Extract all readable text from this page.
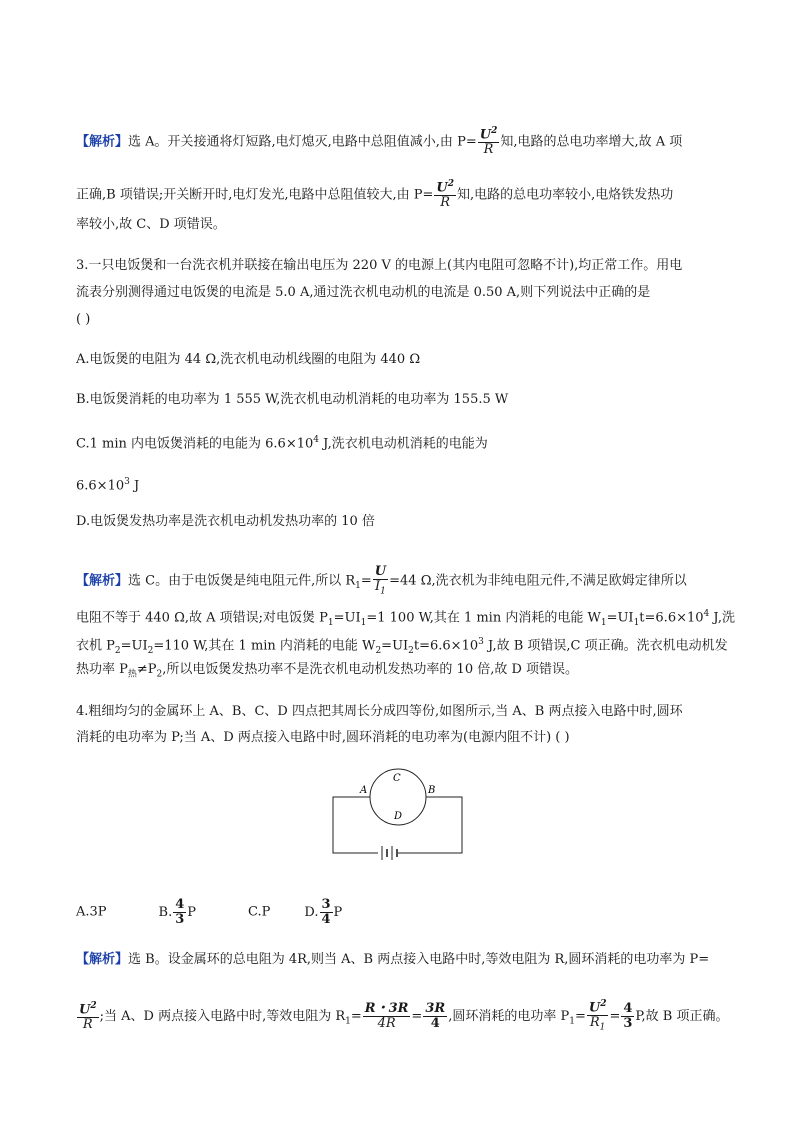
【解析】选 A。开关接通将灯短路,电灯熄灭,电路中总阻值减小,由 $P= \frac{U^2}{R}$ 知,电路的总电功率增大,故 A 项
正确,B 项错误;开关断开时,电灯发光,电路中总阻值较大,由 $P= \frac{U^2}{R}$ 知,电路的总电功率较小,电烙铁发热功
率较小,故 C、D 项错误。
3.一只电饭煲和一台洗衣机并联接在输出电压为 220 V 的电源上(其内电阻可忽略不计),均正常工作。用电
流表分别测得通过电饭煲的电流是 5.0 A,通过洗衣机电动机的电流是 0.50 A,则下列说法中正确的是
( )
A.电饭煲的电阻为 44 Ω,洗衣机电动机线圈的电阻为 440 Ω
B.电饭煲消耗的电功率为 1 555 W,洗衣机电动机消耗的电功率为 155.5 W
C.1 min 内电饭煲消耗的电能为 $6.6\times 10^4$ J,洗衣机电动机消耗的电能为
$6.6\times 10^3$ J
D.电饭煲发热功率是洗衣机电动机发热功率的 10 倍
【解析】选 C。由于电饭煲是纯电阻元件,所以 $R_1= \frac{U}{I_1} =44$ Ω,洗衣机为非纯电阻元件,不满足欧姆定律所以
电阻不等于 440 Ω,故 A 项错误;对电饭煲 $P_1=UI_1=1$ 100 W,其在 1 min 内消耗的电能 $W_1=UI_1t=6.6\times 10^4$ J,洗
衣机 $P_2=UI_2=110$ W,其在 1 min 内消耗的电能 $W_2=UI_2t=6.6\times 10^3$ J,故 B 项错误,C 项正确。洗衣机电动机发
热功率 $P_热\ne P_2$,所以电饭煲发热功率不是洗衣机电动机发热功率的 10 倍,故 D 项错误。
4.粗细均匀的金属环上 A、B、C、D 四点把其周长分成四等份,如图所示,当 A、B 两点接入电路中时,圆环
消耗的电功率为 P;当 A、D 两点接入电路中时,圆环消耗的电功率为(电源内阻不计) ( )
A	B
C
D
A.3P	B. $\frac{4}{3}$ P	C.P	D. $\frac{3}{4}$ P
【解析】选 B。设金属环的总电阻为 4R,则当 A、B 两点接入电路中时,等效电阻为 R,圆环消耗的电功率为 P=
$\frac{U^2}{R}$ ;当 A、D 两点接入电路中时,等效电阻为 $R_1= \frac{R・3R}{4R} = \frac{3R}{4}$ ,圆环消耗的电功率 $P_1= \frac{U^2}{R_1} = \frac{4}{3} P$,故 B 项正确。
